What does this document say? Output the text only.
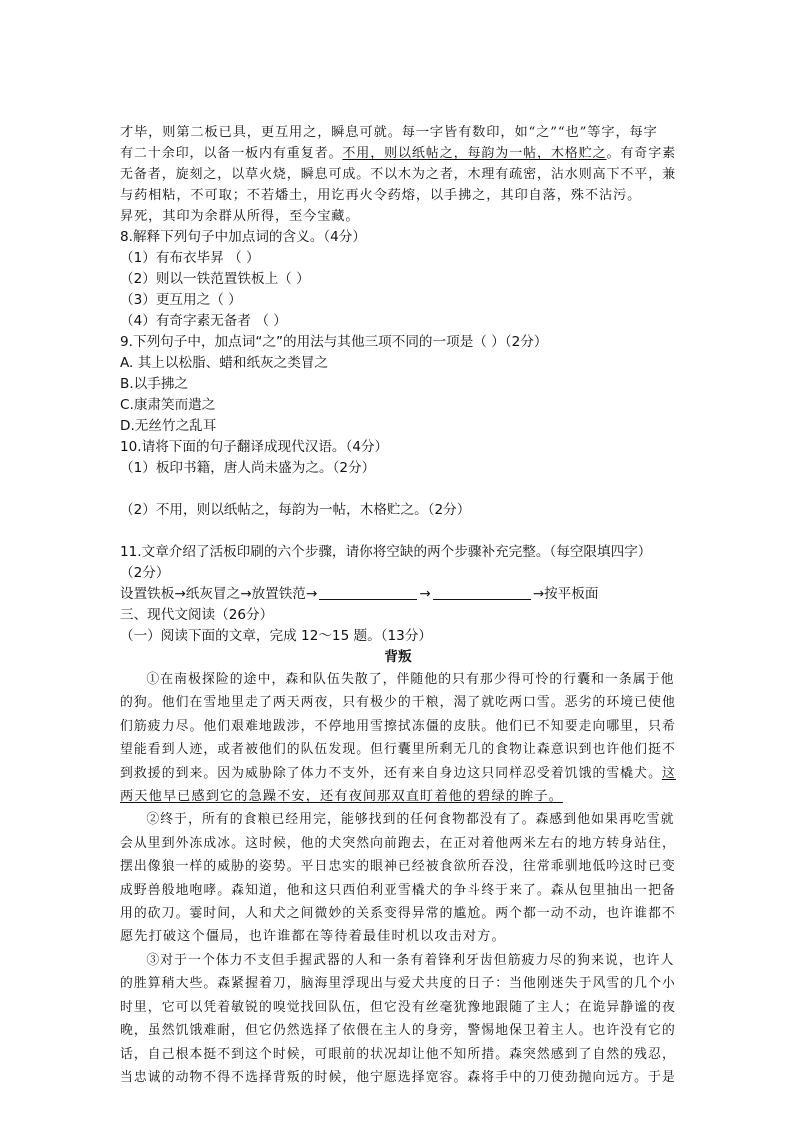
才毕，则第二板已具，更互用之，瞬息可就。每一字皆有数印，如“之”“也”等字，每字
有二十余印，以备一板内有重复者。不用，则以纸帖之，每韵为一帖，木格贮之。有奇字素
无备者，旋刻之，以草火烧，瞬息可成。不以木为之者，木理有疏密，沾水则高下不平，兼
与药相粘，不可取；不若燔土，用讫再火令药熔，以手拂之，其印自落，殊不沾污。
昇死，其印为余群从所得，至今宝藏。
8.解释下列句子中加点词的含义。（4分）
（1）有布衣毕昇 （ ）
（2）则以一铁范置铁板上（ ）
（3）更互用之（ ）
（4）有奇字素无备者 （ ）
9.下列句子中，加点词“之”的用法与其他三项不同的一项是（ ）（2分）
A. 其上以松脂、蜡和纸灰之类冒之
B.以手拂之
C.康肃笑而遣之
D.无丝竹之乱耳
10.请将下面的句子翻译成现代汉语。（4分）
（1）板印书籍，唐人尚未盛为之。（2分）
（2）不用，则以纸帖之，每韵为一帖，木格贮之。（2分）
11.文章介绍了活板印刷的六个步骤，请你将空缺的两个步骤补充完整。（每空限填四字）
（2分）
设置铁板→纸灰冒之→放置铁范→	→	→按平板面
三、现代文阅读（26分）
（一）阅读下面的文章，完成 12～15 题。（13分）
背叛
①在南极探险的途中，森和队伍失散了，伴随他的只有那少得可怜的行囊和一条属于他
的狗。他们在雪地里走了两天两夜，只有极少的干粮，渴了就吃两口雪。恶劣的环境已使他
们筋疲力尽。他们艰难地跋涉，不停地用雪擦拭冻僵的皮肤。他们已不知要走向哪里，只希
望能看到人迹，或者被他们的队伍发现。但行囊里所剩无几的食物让森意识到也许他们挺不
到救援的到来。因为威胁除了体力不支外，还有来自身边这只同样忍受着饥饿的雪橇犬。这
两天他早已感到它的急躁不安，还有夜间那双直盯着他的碧绿的眸子。
②终于，所有的食粮已经用完，能够找到的任何食物都没有了。森感到他如果再吃雪就
会从里到外冻成冰。这时候，他的犬突然向前跑去，在正对着他两米左右的地方转身站住，
摆出像狼一样的威胁的姿势。平日忠实的眼神已经被食欲所吞没，往常乖驯地低吟这时已变
成野兽般地咆哮。森知道，他和这只西伯利亚雪橇犬的争斗终于来了。森从包里抽出一把备
用的砍刀。霎时间，人和犬之间微妙的关系变得异常的尴尬。两个都一动不动，也许谁都不
愿先打破这个僵局，也许谁都在等待着最佳时机以攻击对方。
③对于一个体力不支但手握武器的人和一条有着锋利牙齿但筋疲力尽的狗来说，也许人
的胜算稍大些。森紧握着刀，脑海里浮现出与爱犬共度的日子：当他刚迷失于风雪的几个小
时里，它可以凭着敏锐的嗅觉找回队伍，但它没有丝毫犹豫地跟随了主人；在诡异静谧的夜
晚，虽然饥饿难耐，但它仍然选择了依偎在主人的身旁，警惕地保卫着主人。也许没有它的
话，自己根本挺不到这个时候，可眼前的状况却让他不知所措。森突然感到了自然的残忍，
当忠诚的动物不得不选择背叛的时候，他宁愿选择宽容。森将手中的刀使劲抛向远方。于是
